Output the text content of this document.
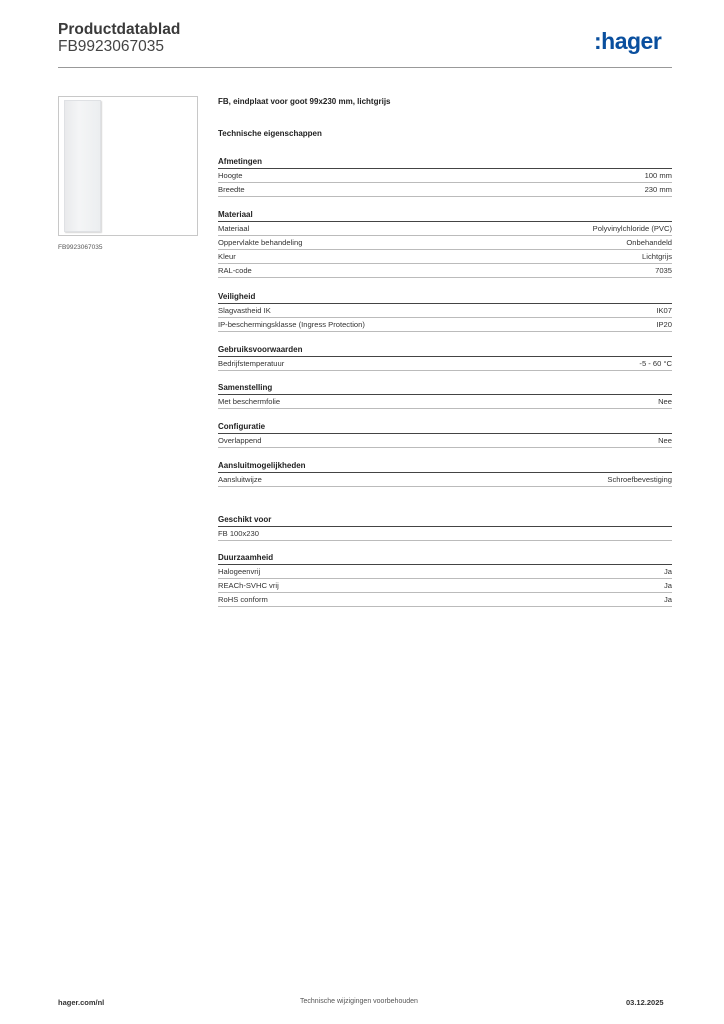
Productdatablad
FB9923067035	:hager
FB9923067035
FB, eindplaat voor goot 99x230 mm, lichtgrijs
Technische eigenschappen
Afmetingen
Hoogte	100 mm
Breedte	230 mm
Materiaal
Materiaal	Polyvinylchloride (PVC)
Oppervlakte behandeling	Onbehandeld
Kleur	Lichtgrijs
RAL-code	7035
Veiligheid
Slagvastheid IK	IK07
IP-beschermingsklasse (Ingress Protection)	IP20
Gebruiksvoorwaarden
Bedrijfstemperatuur	-5 - 60 °C
Samenstelling
Met beschermfolie	Nee
Configuratie
Overlappend	Nee
Aansluitmogelijkheden
Aansluitwijze	Schroefbevestiging
Geschikt voor
FB 100x230
Duurzaamheid
Halogeenvrij	Ja
REACh-SVHC vrij	Ja
RoHS conform	Ja
hager.com/nl	Technische wijzigingen voorbehouden	03.12.2025
